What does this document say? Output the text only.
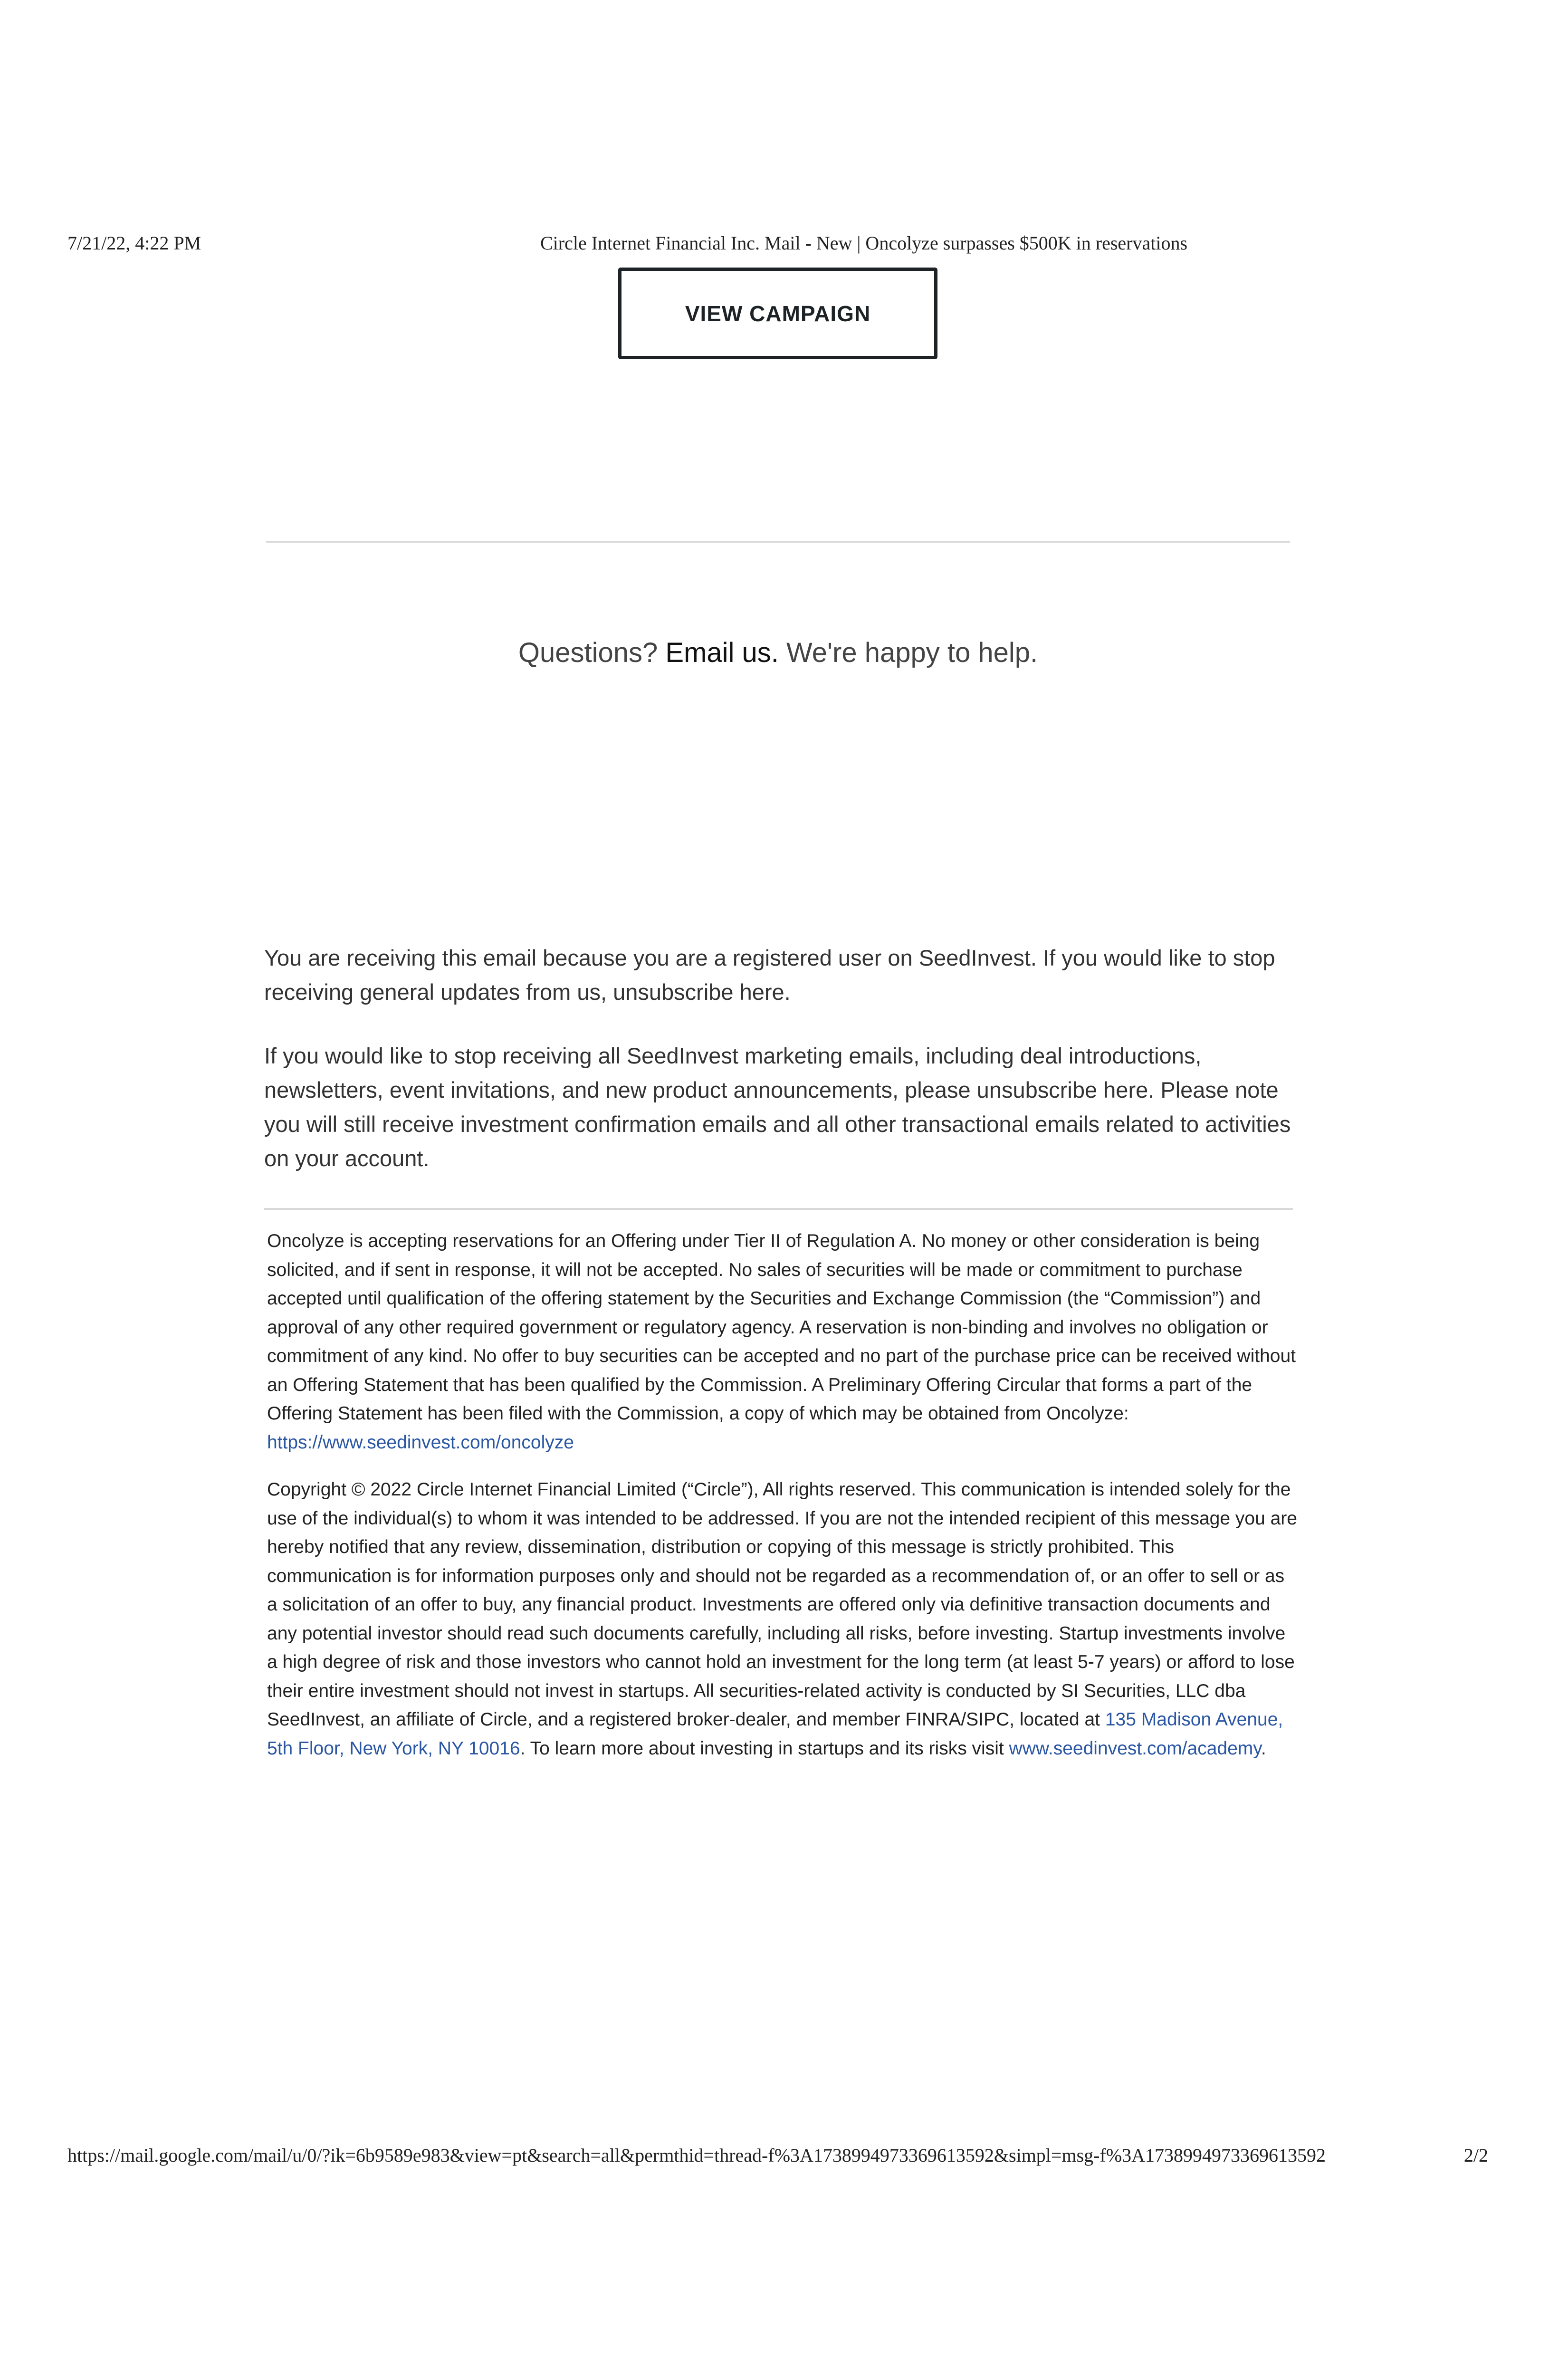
7/21/22, 4:22 PM	Circle Internet Financial Inc. Mail - New | Oncolyze surpasses $500K in reservations
VIEW CAMPAIGN
Questions? Email us. We're happy to help.

You are receiving this email because you are a registered user on SeedInvest. If you would like to stop receiving general updates from us, unsubscribe here.

If you would like to stop receiving all SeedInvest marketing emails, including deal introductions, newsletters, event invitations, and new product announcements, please unsubscribe here. Please note you will still receive investment confirmation emails and all other transactional emails related to activities on your account.

Oncolyze is accepting reservations for an Offering under Tier II of Regulation A. No money or other consideration is being solicited, and if sent in response, it will not be accepted. No sales of securities will be made or commitment to purchase accepted until qualification of the offering statement by the Securities and Exchange Commission (the “Commission”) and approval of any other required government or regulatory agency. A reservation is non-binding and involves no obligation or commitment of any kind. No offer to buy securities can be accepted and no part of the purchase price can be received without an Offering Statement that has been qualified by the Commission. A Preliminary Offering Circular that forms a part of the Offering Statement has been filed with the Commission, a copy of which may be obtained from Oncolyze: https://www.seedinvest.com/oncolyze

Copyright © 2022 Circle Internet Financial Limited (“Circle”), All rights reserved. This communication is intended solely for the use of the individual(s) to whom it was intended to be addressed. If you are not the intended recipient of this message you are hereby notified that any review, dissemination, distribution or copying of this message is strictly prohibited. This communication is for information purposes only and should not be regarded as a recommendation of, or an offer to sell or as a solicitation of an offer to buy, any financial product. Investments are offered only via definitive transaction documents and any potential investor should read such documents carefully, including all risks, before investing. Startup investments involve a high degree of risk and those investors who cannot hold an investment for the long term (at least 5-7 years) or afford to lose their entire investment should not invest in startups. All securities-related activity is conducted by SI Securities, LLC dba SeedInvest, an affiliate of Circle, and a registered broker-dealer, and member FINRA/SIPC, located at 135 Madison Avenue, 5th Floor, New York, NY 10016. To learn more about investing in startups and its risks visit www.seedinvest.com/academy.

https://mail.google.com/mail/u/0/?ik=6b9589e983&view=pt&search=all&permthid=thread-f%3A1738994973369613592&simpl=msg-f%3A1738994973369613592	2/2
